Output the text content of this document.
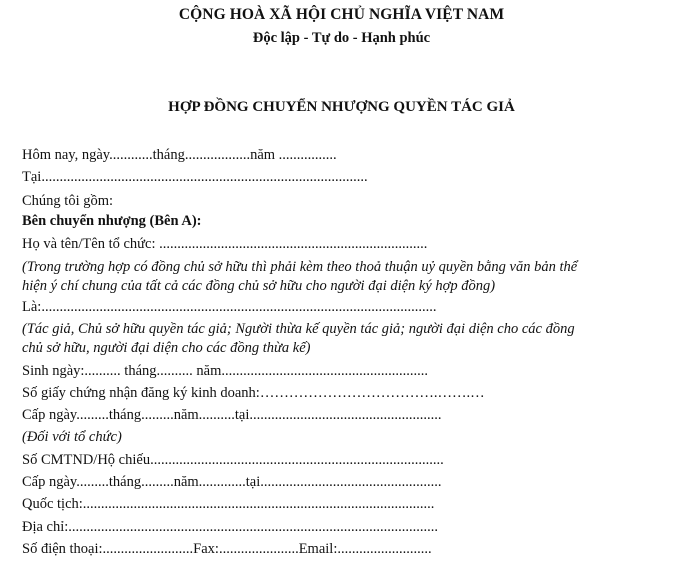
CỘNG HOÀ XÃ HỘI CHỦ NGHĨA VIỆT NAM
Độc lập - Tự do - Hạnh phúc
HỢP ĐỒNG CHUYỂN NHƯỢNG QUYỀN TÁC GIẢ
Hôm nay, ngày............tháng..................năm ................
Tại..........................................................................................
Chúng tôi gồm:
Bên chuyển nhượng (Bên A):
Họ và tên/Tên tổ chức: ..........................................................................
(Trong trường hợp có đồng chủ sở hữu thì phải kèm theo thoả thuận uỷ quyền bằng văn bản thể
hiện ý chí chung của tất cả các đồng chủ sở hữu cho người đại diện ký hợp đồng)
Là:.............................................................................................................
(Tác giả, Chủ sở hữu quyền tác giả; Người thừa kế quyền tác giả; người đại diện cho các đồng
chủ sở hữu, người đại diện cho các đồng thừa kế)
Sinh ngày:.......... tháng.......... năm.........................................................
Số giấy chứng nhận đăng ký kinh doanh:……………………………….…….…
Cấp ngày.........tháng.........năm..........tại.....................................................
(Đối với tổ chức)
Số CMTND/Hộ chiếu.................................................................................
Cấp ngày.........tháng.........năm.............tại..................................................
Quốc tịch:.................................................................................................
Địa chỉ:......................................................................................................
Số điện thoại:.........................Fax:......................Email:..........................
